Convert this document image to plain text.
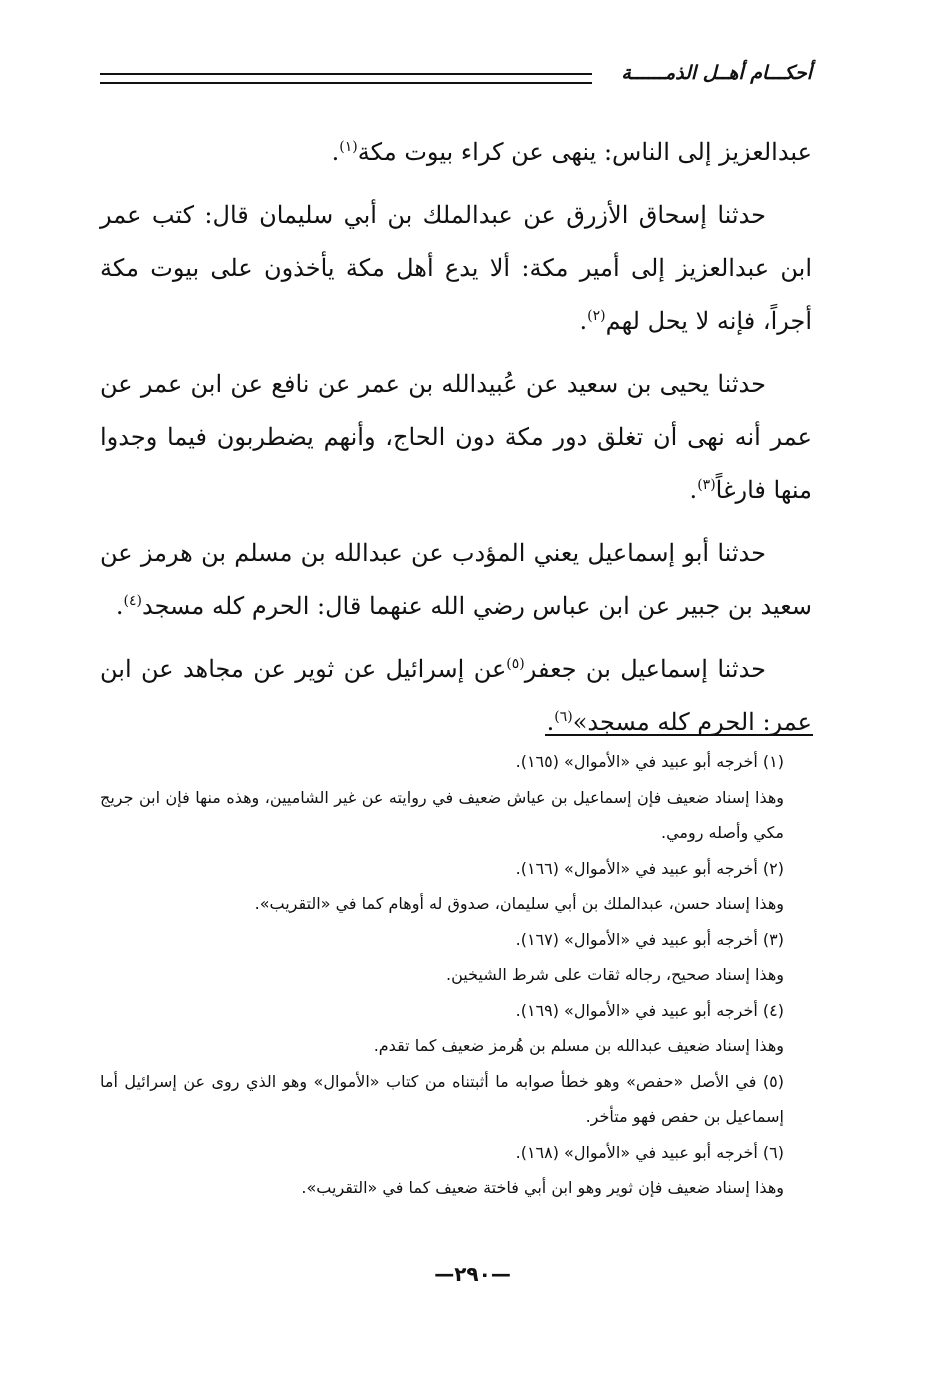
أحكـــام أهــل الذمــــــة

عبدالعزيز إلى الناس: ينهى عن كراء بيوت مكة$^{(١)}$.

حدثنا إسحاق الأزرق عن عبدالملك بن أبي سليمان قال: كتب عمر ابن عبدالعزيز إلى أمير مكة: ألا يدع أهل مكة يأخذون على بيوت مكة أجراً، فإنه لا يحل لهم$^{(٢)}$.

حدثنا يحيى بن سعيد عن عُبيدالله بن عمر عن نافع عن ابن عمر عن عمر أنه نهى أن تغلق دور مكة دون الحاج، وأنهم يضطربون فيما وجدوا منها فارغاً$^{(٣)}$.

حدثنا أبو إسماعيل يعني المؤدب عن عبدالله بن مسلم بن هرمز عن سعيد بن جبير عن ابن عباس رضي الله عنهما قال: الحرم كله مسجد$^{(٤)}$.

حدثنا إسماعيل بن جعفر$^{(٥)}$عن إسرائيل عن ثوير عن مجاهد عن ابن عمر: الحرم كله مسجد»$^{(٦)}$.

(١) أخرجه أبو عبيد في «الأموال» (١٦٥).

وهذا إسناد ضعيف فإن إسماعيل بن عياش ضعيف في روايته عن غير الشاميين، وهذه منها فإن ابن جريج مكي وأصله رومي.

(٢) أخرجه أبو عبيد في «الأموال» (١٦٦).

وهذا إسناد حسن، عبدالملك بن أبي سليمان، صدوق له أوهام كما في «التقريب».

(٣) أخرجه أبو عبيد في «الأموال» (١٦٧).

وهذا إسناد صحيح، رجاله ثقات على شرط الشيخين.

(٤) أخرجه أبو عبيد في «الأموال» (١٦٩).

وهذا إسناد ضعيف عبدالله بن مسلم بن هُرمز ضعيف كما تقدم.

(٥) في الأصل «حفص» وهو خطأ صوابه ما أثبتناه من كتاب «الأموال» وهو الذي روى عن إسرائيل أما إسماعيل بن حفص فهو متأخر.

(٦) أخرجه أبو عبيد في «الأموال» (١٦٨).

وهذا إسناد ضعيف فإن ثوير وهو ابن أبي فاختة ضعيف كما في «التقريب».

—٢٩٠—
